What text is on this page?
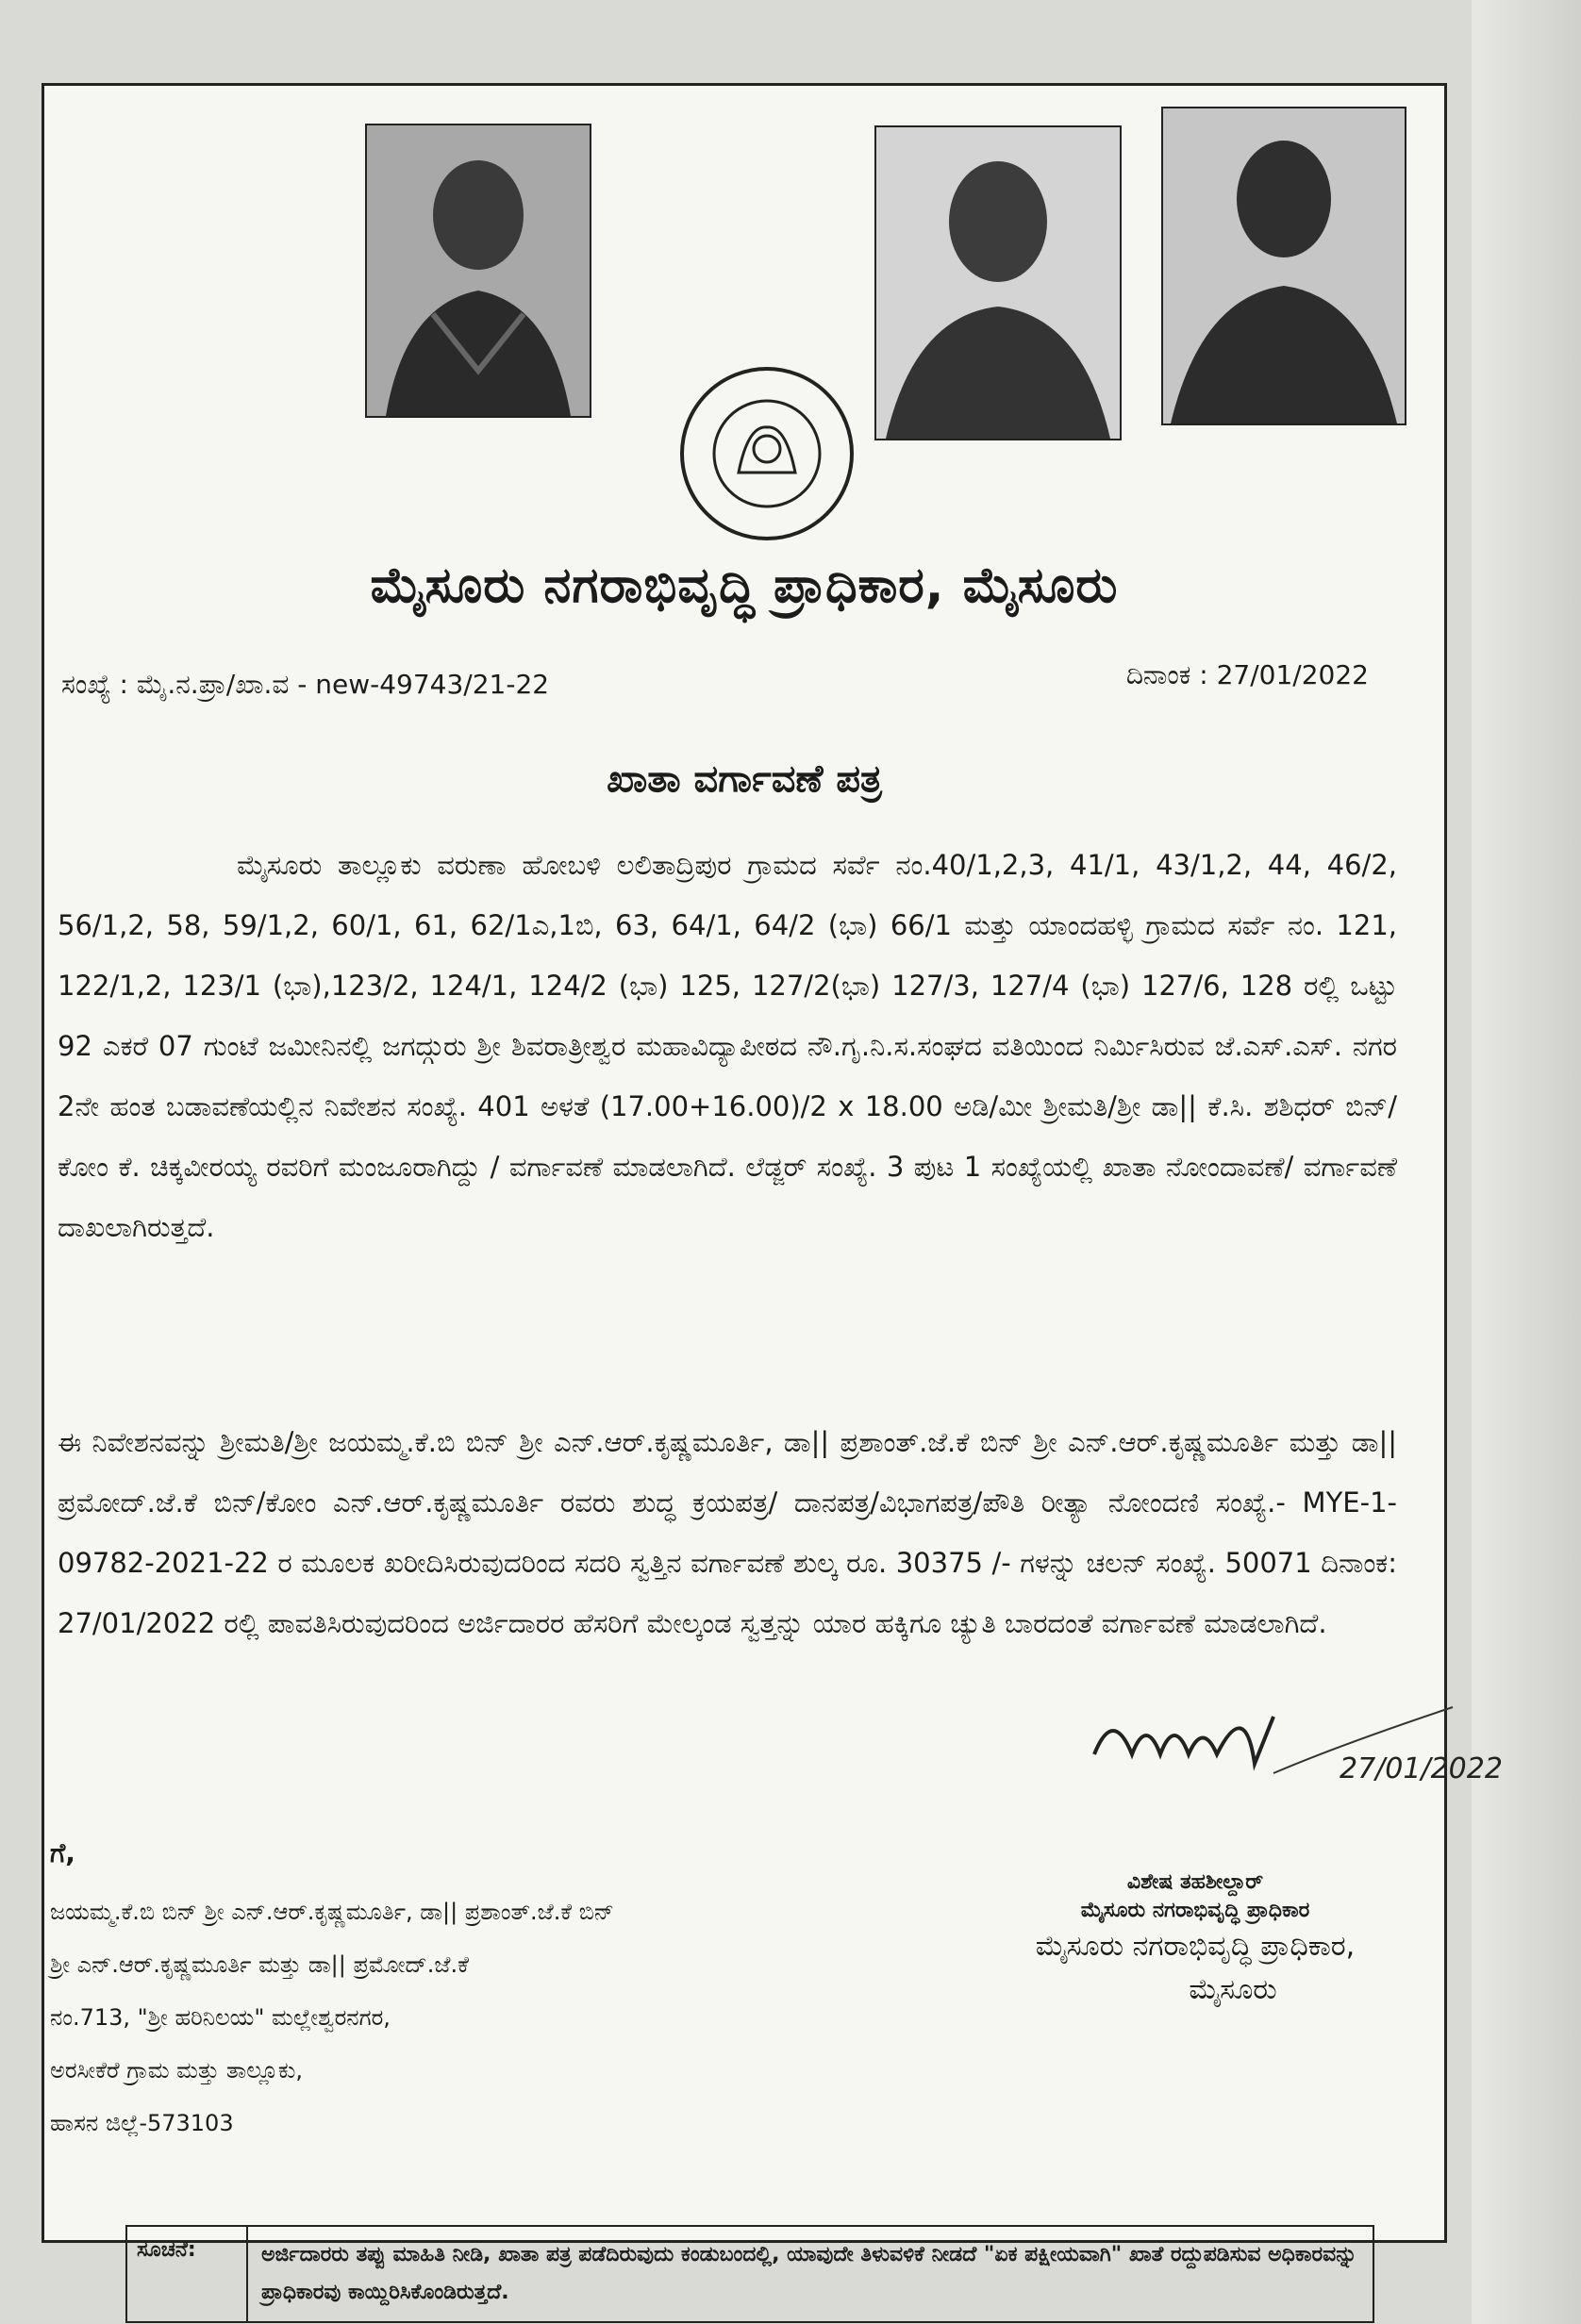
ಮೈಸೂರು ನಗರಾಭಿವೃದ್ಧಿ ಪ್ರಾಧಿಕಾರ, ಮೈಸೂರು
ಸಂಖ್ಯೆ : ಮೈ.ನ.ಪ್ರಾ/ಖಾ.ವ - new-49743/21-22	ದಿನಾಂಕ : 27/01/2022
ಖಾತಾ ವರ್ಗಾವಣೆ ಪತ್ರ
ಮೈಸೂರು ತಾಲ್ಲೂಕು ವರುಣಾ ಹೋಬಳಿ ಲಲಿತಾದ್ರಿಪುರ ಗ್ರಾಮದ ಸರ್ವೆ ನಂ.40/1,2,3, 41/1, 43/1,2, 44, 46/2, 56/1,2, 58, 59/1,2, 60/1, 61, 62/1ಎ,1ಬಿ, 63, 64/1, 64/2 (ಭಾ) 66/1 ಮತ್ತು ಯಾಂದಹಳ್ಳಿ ಗ್ರಾಮದ ಸರ್ವೆ ನಂ. 121, 122/1,2, 123/1 (ಭಾ),123/2, 124/1, 124/2 (ಭಾ) 125, 127/2(ಭಾ) 127/3, 127/4 (ಭಾ) 127/6, 128 ರಲ್ಲಿ ಒಟ್ಟು 92 ಎಕರೆ 07 ಗುಂಟೆ ಜಮೀನಿನಲ್ಲಿ ಜಗದ್ಗುರು ಶ್ರೀ ಶಿವರಾತ್ರೀಶ್ವರ ಮಹಾವಿದ್ಯಾಪೀಠದ ನೌ.ಗೃ.ನಿ.ಸ.ಸಂಘದ ವತಿಯಿಂದ ನಿರ್ಮಿಸಿರುವ ಜೆ.ಎಸ್.ಎಸ್. ನಗರ 2ನೇ ಹಂತ ಬಡಾವಣೆಯಲ್ಲಿನ ನಿವೇಶನ ಸಂಖ್ಯೆ. 401 ಅಳತೆ (17.00+16.00)/2 x 18.00 ಅಡಿ/ಮೀ ಶ್ರೀಮತಿ/ಶ್ರೀ ಡಾ|| ಕೆ.ಸಿ. ಶಶಿಧರ್ ಬಿನ್/ಕೋಂ ಕೆ. ಚಿಕ್ಕವೀರಯ್ಯ ರವರಿಗೆ ಮಂಜೂರಾಗಿದ್ದು / ವರ್ಗಾವಣೆ ಮಾಡಲಾಗಿದೆ. ಲೆಡ್ಜರ್ ಸಂಖ್ಯೆ. 3 ಪುಟ 1 ಸಂಖ್ಯೆಯಲ್ಲಿ ಖಾತಾ ನೋಂದಾವಣೆ/ ವರ್ಗಾವಣೆ ದಾಖಲಾಗಿರುತ್ತದೆ.
ಈ ನಿವೇಶನವನ್ನು ಶ್ರೀಮತಿ/ಶ್ರೀ ಜಯಮ್ಮ.ಕೆ.ಬಿ ಬಿನ್ ಶ್ರೀ ಎನ್.ಆರ್.ಕೃಷ್ಣಮೂರ್ತಿ, ಡಾ|| ಪ್ರಶಾಂತ್.ಜೆ.ಕೆ ಬಿನ್ ಶ್ರೀ ಎನ್.ಆರ್.ಕೃಷ್ಣಮೂರ್ತಿ ಮತ್ತು ಡಾ|| ಪ್ರಮೋದ್.ಜೆ.ಕೆ ಬಿನ್/ಕೋಂ ಎನ್.ಆರ್.ಕೃಷ್ಣಮೂರ್ತಿ ರವರು ಶುದ್ಧ ಕ್ರಯಪತ್ರ/ ದಾನಪತ್ರ/ವಿಭಾಗಪತ್ರ/ಪೌತಿ ರೀತ್ಯಾ ನೋಂದಣಿ ಸಂಖ್ಯೆ.- MYE-1-09782-2021-22 ರ ಮೂಲಕ ಖರೀದಿಸಿರುವುದರಿಂದ ಸದರಿ ಸ್ವತ್ತಿನ ವರ್ಗಾವಣೆ ಶುಲ್ಕ ರೂ. 30375 /- ಗಳನ್ನು ಚಲನ್ ಸಂಖ್ಯೆ. 50071 ದಿನಾಂಕ: 27/01/2022 ರಲ್ಲಿ ಪಾವತಿಸಿರುವುದರಿಂದ ಅರ್ಜಿದಾರರ ಹೆಸರಿಗೆ ಮೇಲ್ಕಂಡ ಸ್ವತ್ತನ್ನು ಯಾರ ಹಕ್ಕಿಗೂ ಚ್ಯುತಿ ಬಾರದಂತೆ ವರ್ಗಾವಣೆ ಮಾಡಲಾಗಿದೆ.
ಗೆ,
ಜಯಮ್ಮ.ಕೆ.ಬಿ ಬಿನ್ ಶ್ರೀ ಎನ್.ಆರ್.ಕೃಷ್ಣಮೂರ್ತಿ, ಡಾ|| ಪ್ರಶಾಂತ್.ಜೆ.ಕೆ ಬಿನ್
ಶ್ರೀ ಎನ್.ಆರ್.ಕೃಷ್ಣಮೂರ್ತಿ ಮತ್ತು ಡಾ|| ಪ್ರಮೋದ್.ಜೆ.ಕೆ
ನಂ.713, "ಶ್ರೀ ಹರಿನಿಲಯ" ಮಲ್ಲೇಶ್ವರನಗರ,
ಅರಸೀಕೆರೆ ಗ್ರಾಮ ಮತ್ತು ತಾಲ್ಲೂಕು,
ಹಾಸನ ಜಿಲ್ಲೆ-573103
ವಿಶೇಷ ತಹಶೀಲ್ದಾರ್
ಮೈಸೂರು ನಗರಾಭಿವೃದ್ಧಿ ಪ್ರಾಧಿಕಾರ
ಮೈಸೂರು ನಗರಾಭಿವೃದ್ಧಿ ಪ್ರಾಧಿಕಾರ,
ಮೈಸೂರು
ಸೂಚನೆ:	ಅರ್ಜಿದಾರರು ತಪ್ಪು ಮಾಹಿತಿ ನೀಡಿ, ಖಾತಾ ಪತ್ರ ಪಡೆದಿರುವುದು ಕಂಡುಬಂದಲ್ಲಿ, ಯಾವುದೇ ತಿಳುವಳಿಕೆ ನೀಡದೆ "ಏಕ ಪಕ್ಷೀಯವಾಗಿ" ಖಾತೆ ರದ್ದುಪಡಿಸುವ ಅಧಿಕಾರವನ್ನು ಪ್ರಾಧಿಕಾರವು ಕಾಯ್ದಿರಿಸಿಕೊಂಡಿರುತ್ತದೆ.
27/01/2022
